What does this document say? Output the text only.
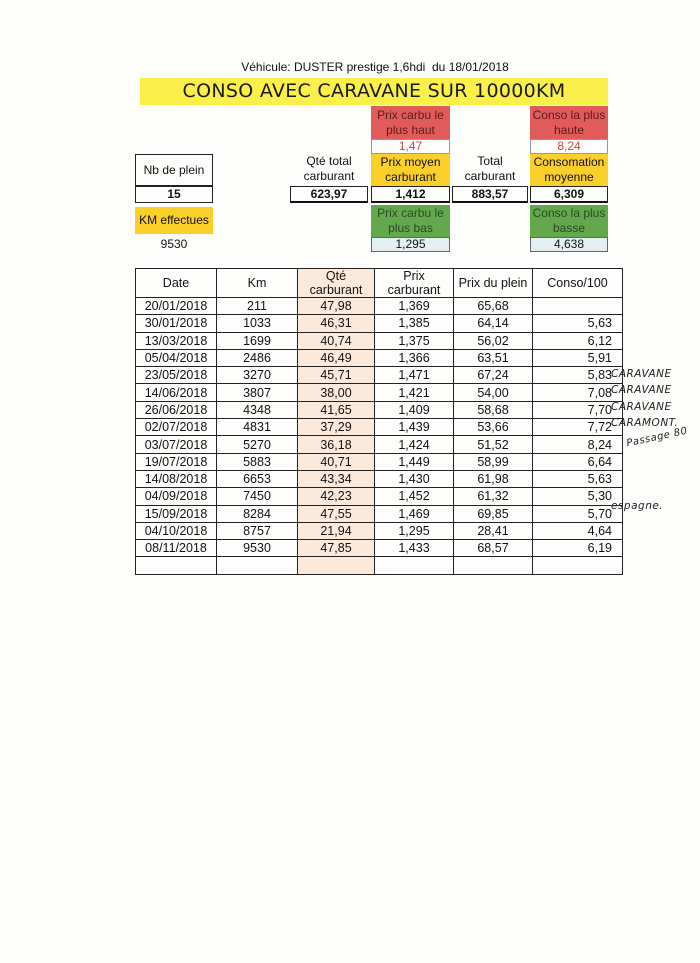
Véhicule: DUSTER prestige 1,6hdi  du 18/01/2018
CONSO AVEC CARAVANE SUR 10000KM
Nb de plein
15
KM effectues
9530
Qté total carburant
623,97
Prix carbu le plus haut
1,47
Prix moyen carburant
1,412
Prix carbu le plus bas
1,295
Total carburant
883,57
Conso la plus haute
8,24
Consomation moyenne
6,309
Conso la plus basse
4,638
Date	Km	Qté carburant	Prix carburant	Prix du plein	Conso/100
20/01/2018	211	47,98	1,369	65,68	
30/01/2018	1033	46,31	1,385	64,14	5,63
13/03/2018	1699	40,74	1,375	56,02	6,12
05/04/2018	2486	46,49	1,366	63,51	5,91
23/05/2018	3270	45,71	1,471	67,24	5,83
14/06/2018	3807	38,00	1,421	54,00	7,08
26/06/2018	4348	41,65	1,409	58,68	7,70
02/07/2018	4831	37,29	1,439	53,66	7,72
03/07/2018	5270	36,18	1,424	51,52	8,24
19/07/2018	5883	40,71	1,449	58,99	6,64
14/08/2018	6653	43,34	1,430	61,98	5,63
04/09/2018	7450	42,23	1,452	61,32	5,30
15/09/2018	8284	47,55	1,469	69,85	5,70
04/10/2018	8757	21,94	1,295	28,41	4,64
08/11/2018	9530	47,85	1,433	68,57	6,19

CARAVANE
CARAVANE
CARAVANE
CARAMONT.
Passage 80
espagne.
